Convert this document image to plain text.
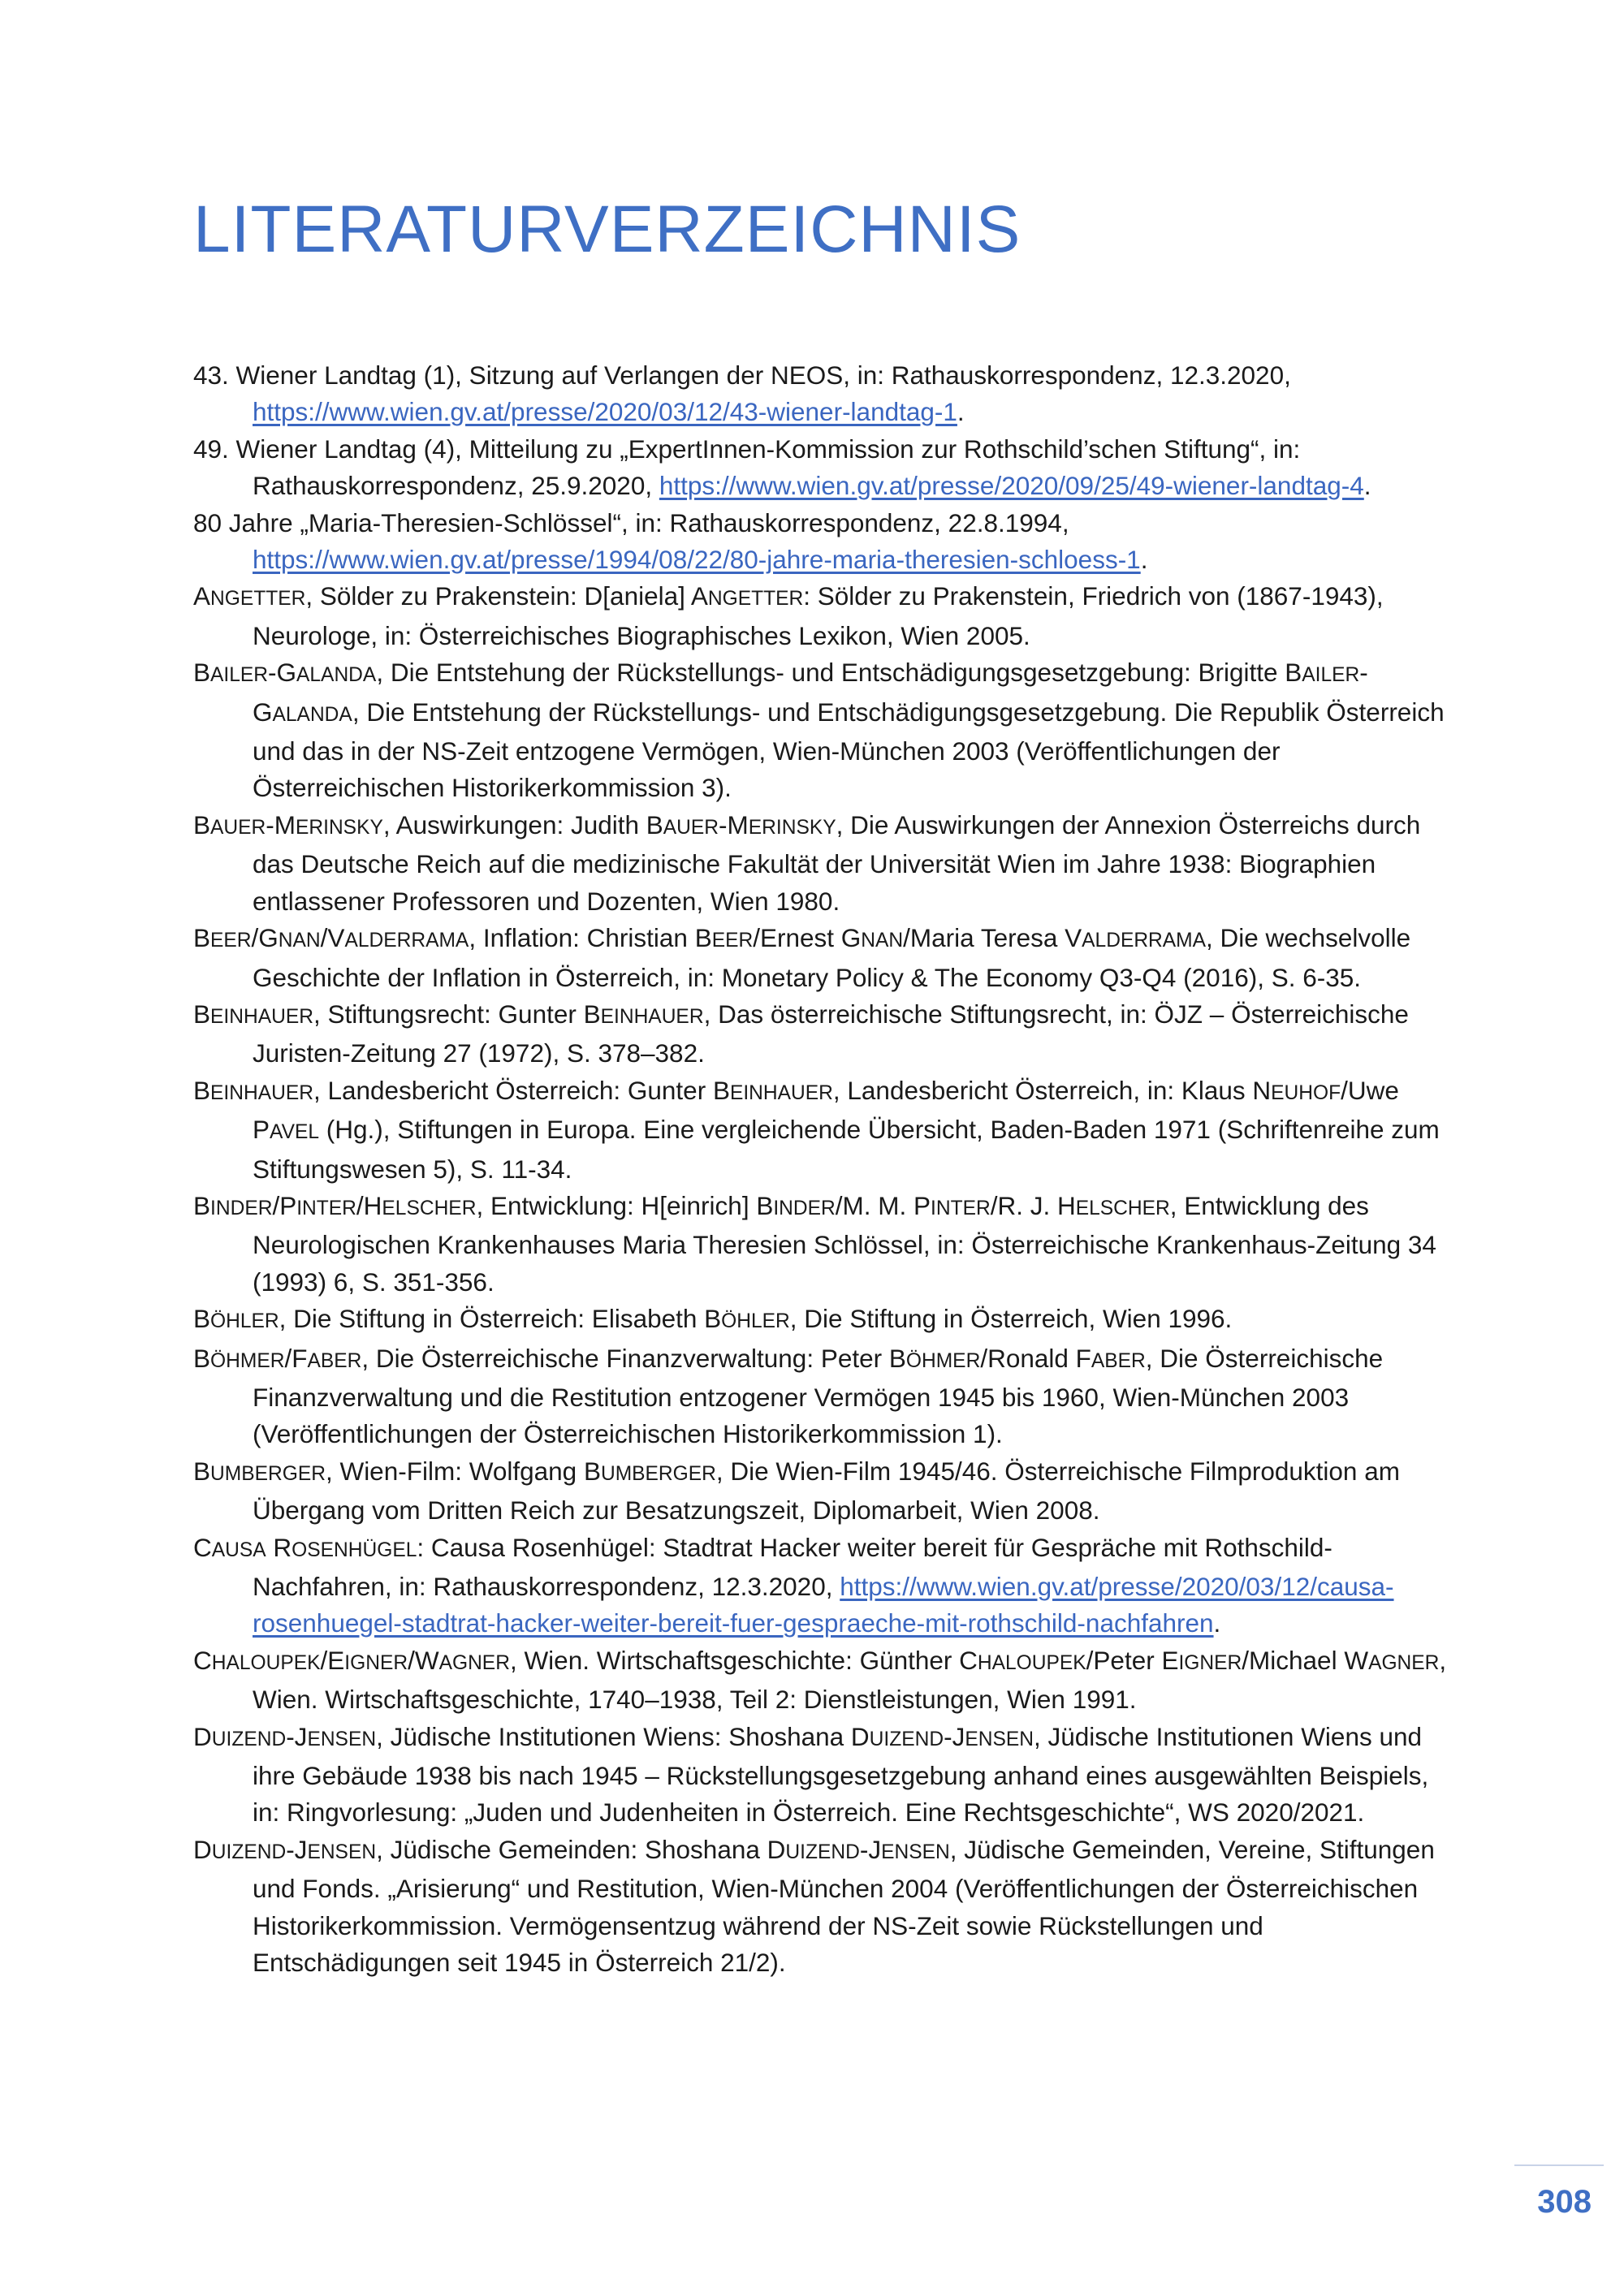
LITERATURVERZEICHNIS

43. Wiener Landtag (1), Sitzung auf Verlangen der NEOS, in: Rathauskorrespondenz, 12.3.2020, https://www.wien.gv.at/presse/2020/03/12/43-wiener-landtag-1.

49. Wiener Landtag (4), Mitteilung zu „ExpertInnen-Kommission zur Rothschild’schen Stiftung“, in: Rathauskorrespondenz, 25.9.2020, https://www.wien.gv.at/presse/2020/09/25/49-wiener-landtag-4.

80 Jahre „Maria-Theresien-Schlössel“, in: Rathauskorrespondenz, 22.8.1994, https://www.wien.gv.at/presse/1994/08/22/80-jahre-maria-theresien-schloess-1.

ANGETTER, Sölder zu Prakenstein: D[aniela] ANGETTER: Sölder zu Prakenstein, Friedrich von (1867-1943), Neurologe, in: Österreichisches Biographisches Lexikon, Wien 2005.

BAILER-GALANDA, Die Entstehung der Rückstellungs- und Entschädigungsgesetzgebung: Brigitte BAILER-GALANDA, Die Entstehung der Rückstellungs- und Entschädigungsgesetzgebung. Die Republik Österreich und das in der NS-Zeit entzogene Vermögen, Wien-München 2003 (Veröffentlichungen der Österreichischen Historikerkommission 3).

BAUER-MERINSKY, Auswirkungen: Judith BAUER-MERINSKY, Die Auswirkungen der Annexion Österreichs durch das Deutsche Reich auf die medizinische Fakultät der Universität Wien im Jahre 1938: Biographien entlassener Professoren und Dozenten, Wien 1980.

BEER/GNAN/VALDERRAMA, Inflation: Christian BEER/Ernest GNAN/Maria Teresa VALDERRAMA, Die wechselvolle Geschichte der Inflation in Österreich, in: Monetary Policy & The Economy Q3-Q4 (2016), S. 6-35.

BEINHAUER, Stiftungsrecht: Gunter BEINHAUER, Das österreichische Stiftungsrecht, in: ÖJZ – Österreichische Juristen-Zeitung 27 (1972), S. 378–382.

BEINHAUER, Landesbericht Österreich: Gunter BEINHAUER, Landesbericht Österreich, in: Klaus NEUHOF/Uwe PAVEL (Hg.), Stiftungen in Europa. Eine vergleichende Übersicht, Baden-Baden 1971 (Schriftenreihe zum Stiftungswesen 5), S. 11-34.

BINDER/PINTER/HELSCHER, Entwicklung: H[einrich] BINDER/M. M. PINTER/R. J. HELSCHER, Entwicklung des Neurologischen Krankenhauses Maria Theresien Schlössel, in: Österreichische Krankenhaus-Zeitung 34 (1993) 6, S. 351-356.

BÖHLER, Die Stiftung in Österreich: Elisabeth BÖHLER, Die Stiftung in Österreich, Wien 1996.

BÖHMER/FABER, Die Österreichische Finanzverwaltung: Peter BÖHMER/Ronald FABER, Die Österreichische Finanzverwaltung und die Restitution entzogener Vermögen 1945 bis 1960, Wien-München 2003 (Veröffentlichungen der Österreichischen Historikerkommission 1).

BUMBERGER, Wien-Film: Wolfgang BUMBERGER, Die Wien-Film 1945/46. Österreichische Filmproduktion am Übergang vom Dritten Reich zur Besatzungszeit, Diplomarbeit, Wien 2008.

CAUSA ROSENHÜGEL: Causa Rosenhügel: Stadtrat Hacker weiter bereit für Gespräche mit Rothschild-Nachfahren, in: Rathauskorrespondenz, 12.3.2020, https://www.wien.gv.at/presse/2020/03/12/causa-rosenhuegel-stadtrat-hacker-weiter-bereit-fuer-gespraeche-mit-rothschild-nachfahren.

CHALOUPEK/EIGNER/WAGNER, Wien. Wirtschaftsgeschichte: Günther CHALOUPEK/Peter EIGNER/Michael WAGNER, Wien. Wirtschaftsgeschichte, 1740–1938, Teil 2: Dienstleistungen, Wien 1991.

DUIZEND-JENSEN, Jüdische Institutionen Wiens: Shoshana DUIZEND-JENSEN, Jüdische Institutionen Wiens und ihre Gebäude 1938 bis nach 1945 – Rückstellungsgesetzgebung anhand eines ausgewählten Beispiels, in: Ringvorlesung: „Juden und Judenheiten in Österreich. Eine Rechtsgeschichte“, WS 2020/2021.

DUIZEND-JENSEN, Jüdische Gemeinden: Shoshana DUIZEND-JENSEN, Jüdische Gemeinden, Vereine, Stiftungen und Fonds. „Arisierung“ und Restitution, Wien-München 2004 (Veröffentlichungen der Österreichischen Historikerkommission. Vermögensentzug während der NS-Zeit sowie Rückstellungen und Entschädigungen seit 1945 in Österreich 21/2).

308
